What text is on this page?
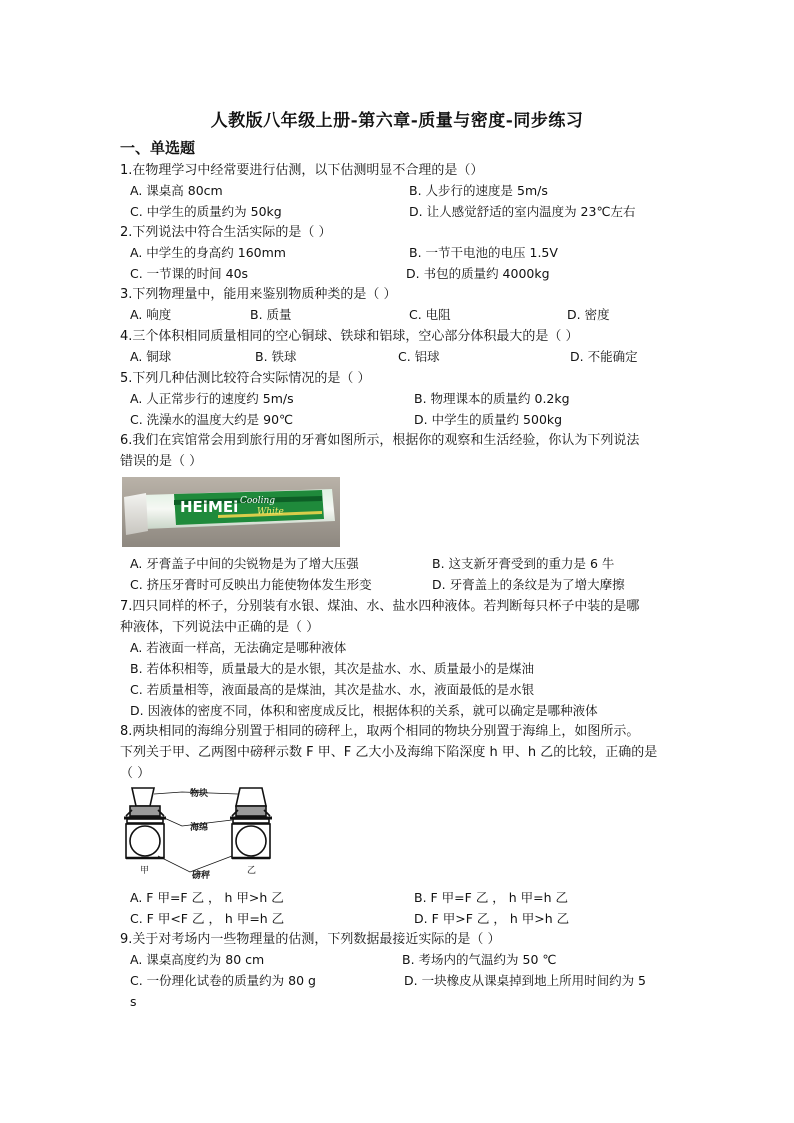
人教版八年级上册-第六章-质量与密度-同步练习
一、单选题
1.在物理学习中经常要进行估测，以下估测明显不合理的是（）
A. 课桌高 80cm	B. 人步行的速度是 5m/s
C. 中学生的质量约为 50kg	D. 让人感觉舒适的室内温度为 23℃左右
2.下列说法中符合生活实际的是（ ）
A. 中学生的身高约 160mm	B. 一节干电池的电压 1.5V
C. 一节课的时间 40s	D. 书包的质量约 4000kg
3.下列物理量中，能用来鉴别物质种类的是（ ）
A. 响度	B. 质量	C. 电阻	D. 密度
4.三个体积相同质量相同的空心铜球、铁球和铝球，空心部分体积最大的是（ ）
A. 铜球	B. 铁球	C. 铝球	D. 不能确定
5.下列几种估测比较符合实际情况的是（ ）
A. 人正常步行的速度约 5m/s	B. 物理课本的质量约 0.2kg
C. 洗澡水的温度大约是 90℃	D. 中学生的质量约 500kg
6.我们在宾馆常会用到旅行用的牙膏如图所示，根据你的观察和生活经验，你认为下列说法
错误的是（ ）
HEiMEi Cooling
White
A. 牙膏盖子中间的尖锐物是为了增大压强	B. 这支新牙膏受到的重力是 6 牛
C. 挤压牙膏时可反映出力能使物体发生形变	D. 牙膏盖上的条纹是为了增大摩擦
7.四只同样的杯子，分别装有水银、煤油、水、盐水四种液体。若判断每只杯子中装的是哪
种液体，下列说法中正确的是（ ）
A. 若液面一样高，无法确定是哪种液体
B. 若体积相等，质量最大的是水银，其次是盐水、水、质量最小的是煤油
C. 若质量相等，液面最高的是煤油，其次是盐水、水，液面最低的是水银
D. 因液体的密度不同，体积和密度成反比，根据体积的关系，就可以确定是哪种液体
8.两块相同的海绵分别置于相同的磅秤上，取两个相同的物块分别置于海绵上，如图所示。
下列关于甲、乙两图中磅秤示数 F 甲、F 乙大小及海绵下陷深度 h 甲、h 乙的比较，正确的是
（ ）
物块
海绵
磅秤
甲	乙
A. F 甲=F 乙 ， h 甲>h 乙	B. F 甲=F 乙 ， h 甲=h 乙
C. F 甲<F 乙 ， h 甲=h 乙	D. F 甲>F 乙 ， h 甲>h 乙
9.关于对考场内一些物理量的估测，下列数据最接近实际的是（ ）
A. 课桌高度约为 80 cm	B. 考场内的气温约为 50 ℃
C. 一份理化试卷的质量约为 80 g	D. 一块橡皮从课桌掉到地上所用时间约为 5
s
